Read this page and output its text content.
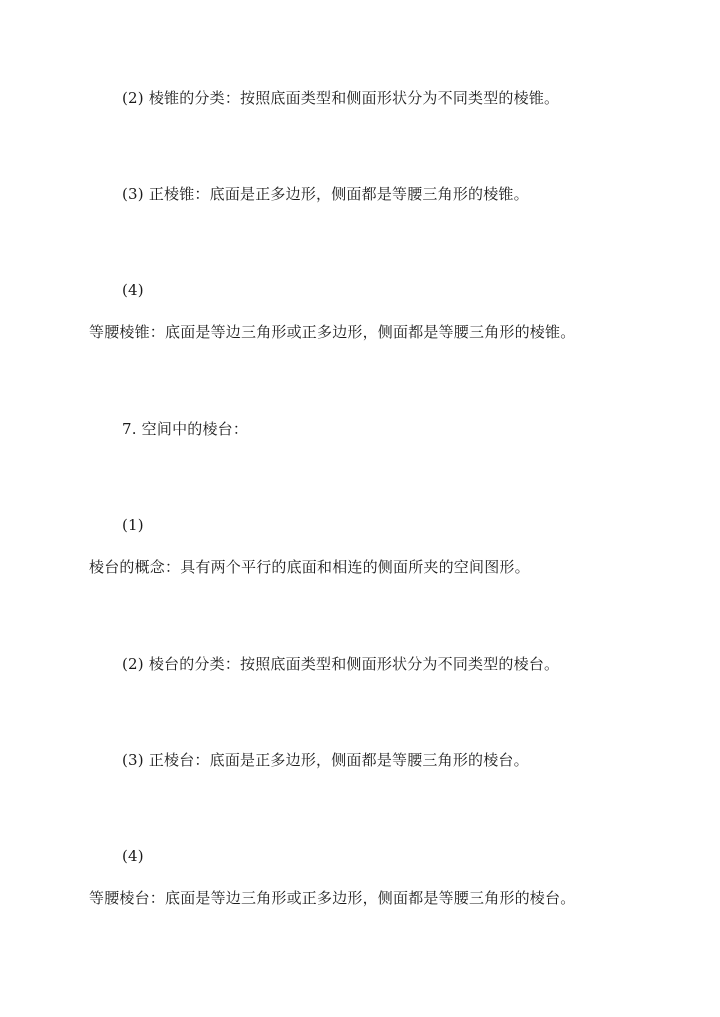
(2) 棱锥的分类：按照底面类型和侧面形状分为不同类型的棱锥。
(3) 正棱锥：底面是正多边形，侧面都是等腰三角形的棱锥。
(4)
等腰棱锥：底面是等边三角形或正多边形，侧面都是等腰三角形的棱锥。
7. 空间中的棱台：
(1)
棱台的概念：具有两个平行的底面和相连的侧面所夹的空间图形。
(2) 棱台的分类：按照底面类型和侧面形状分为不同类型的棱台。
(3) 正棱台：底面是正多边形，侧面都是等腰三角形的棱台。
(4)
等腰棱台：底面是等边三角形或正多边形，侧面都是等腰三角形的棱台。
